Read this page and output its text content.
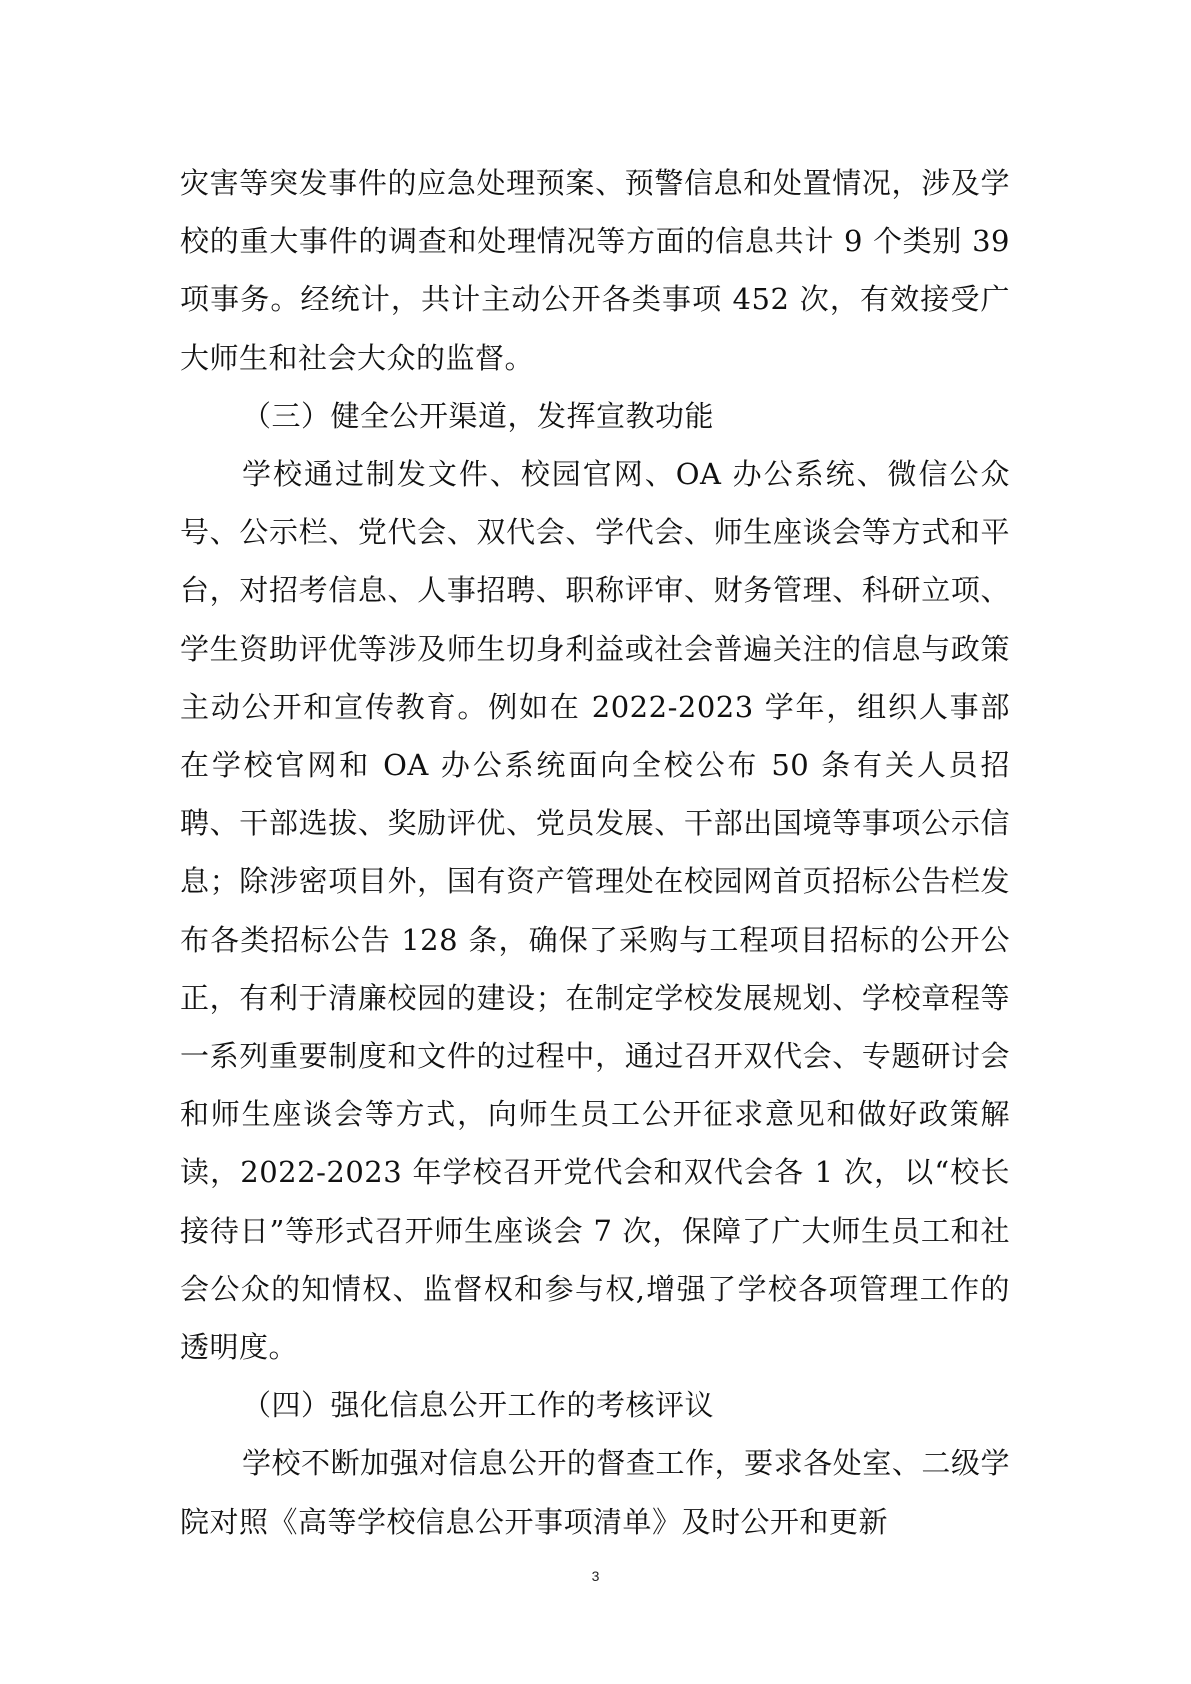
灾害等突发事件的应急处理预案、预警信息和处置情况，涉及学校的重大事件的调查和处理情况等方面的信息共计 9 个类别 39 项事务。经统计，共计主动公开各类事项 452 次，有效接受广大师生和社会大众的监督。

（三）健全公开渠道，发挥宣教功能

学校通过制发文件、校园官网、OA 办公系统、微信公众号、公示栏、党代会、双代会、学代会、师生座谈会等方式和平台，对招考信息、人事招聘、职称评审、财务管理、科研立项、学生资助评优等涉及师生切身利益或社会普遍关注的信息与政策主动公开和宣传教育。例如在 2022-2023 学年，组织人事部在学校官网和 OA 办公系统面向全校公布 50 条有关人员招聘、干部选拔、奖励评优、党员发展、干部出国境等事项公示信息；除涉密项目外，国有资产管理处在校园网首页招标公告栏发布各类招标公告 128 条，确保了采购与工程项目招标的公开公正，有利于清廉校园的建设；在制定学校发展规划、学校章程等一系列重要制度和文件的过程中，通过召开双代会、专题研讨会和师生座谈会等方式，向师生员工公开征求意见和做好政策解读，2022-2023 年学校召开党代会和双代会各 1 次，以“校长接待日”等形式召开师生座谈会 7 次，保障了广大师生员工和社会公众的知情权、监督权和参与权,增强了学校各项管理工作的透明度。

（四）强化信息公开工作的考核评议

学校不断加强对信息公开的督查工作，要求各处室、二级学院对照《高等学校信息公开事项清单》及时公开和更新

3
